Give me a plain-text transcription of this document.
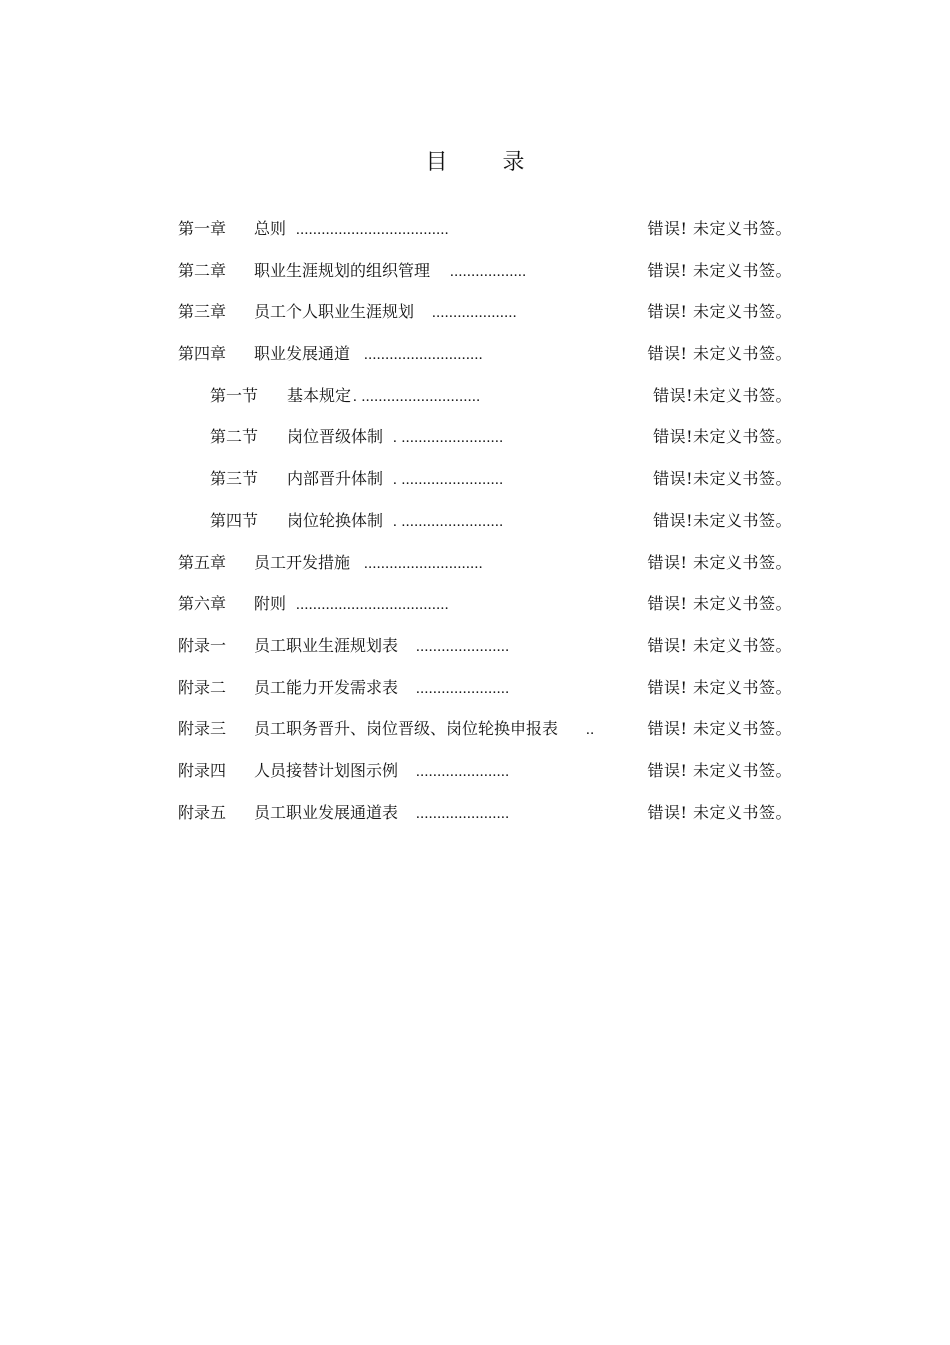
目 录
第一章 总则 ....................................	错误! 未定义书签。
第二章 职业生涯规划的组织管理 ..................	错误! 未定义书签。
第三章 员工个人职业生涯规划 ....................	错误! 未定义书签。
第四章 职业发展通道 ............................	错误! 未定义书签。
第一节 基本规定 . ............................	错误!未定义书签。
第二节 岗位晋级体制 . ........................	错误!未定义书签。
第三节 内部晋升体制 . ........................	错误!未定义书签。
第四节 岗位轮换体制 . ........................	错误!未定义书签。
第五章 员工开发措施 ............................	错误! 未定义书签。
第六章 附则 ....................................	错误! 未定义书签。
附录一 员工职业生涯规划表 ......................	错误! 未定义书签。
附录二 员工能力开发需求表 ......................	错误! 未定义书签。
附录三 员工职务晋升、岗位晋级、岗位轮换申报表 ..	错误! 未定义书签。
附录四 人员接替计划图示例 ......................	错误! 未定义书签。
附录五 员工职业发展通道表 ......................	错误! 未定义书签。
